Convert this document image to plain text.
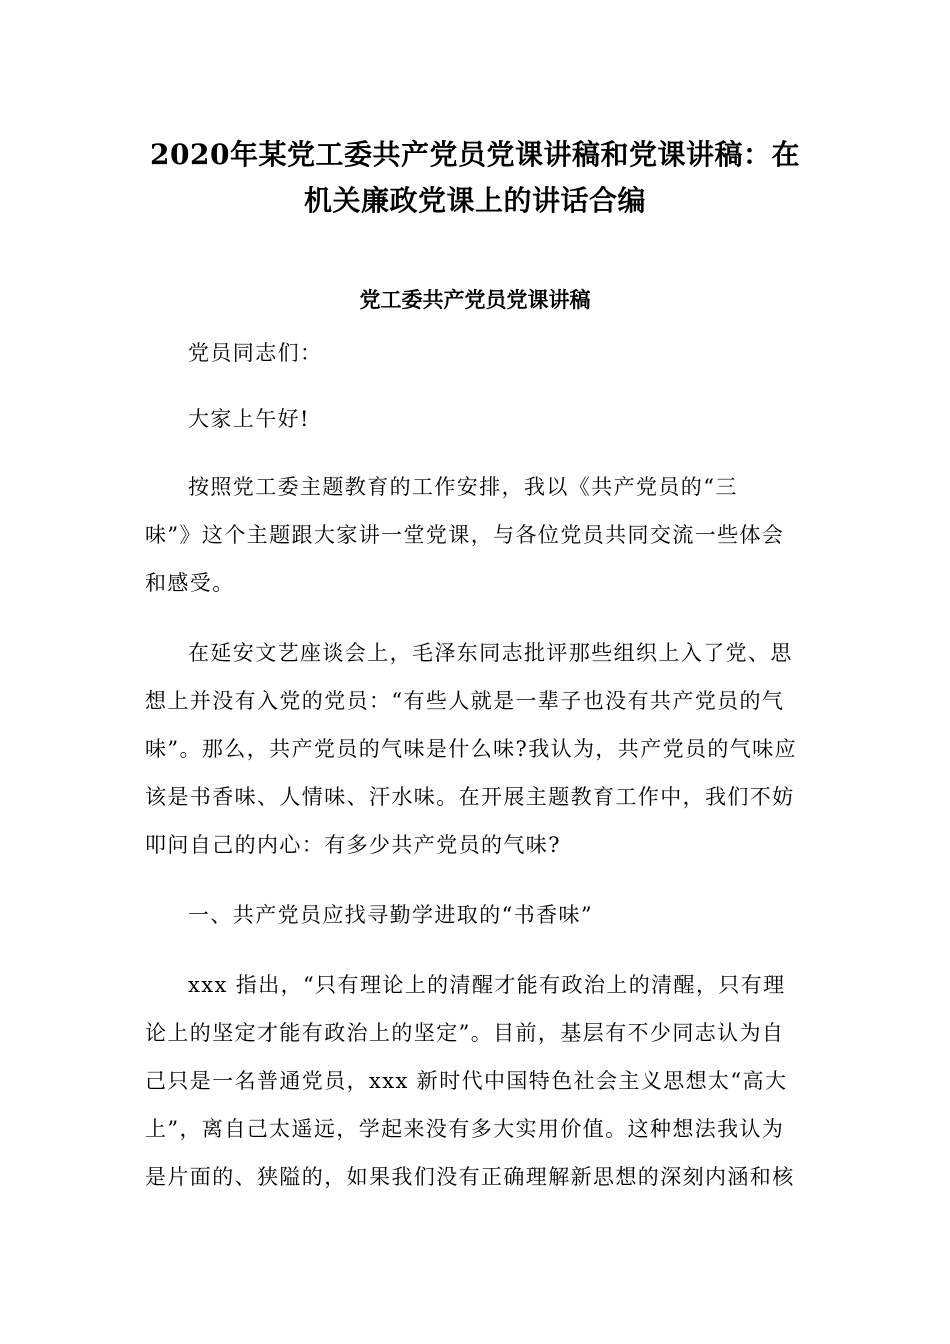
2020年某党工委共产党员党课讲稿和党课讲稿：在
机关廉政党课上的讲话合编
党工委共产党员党课讲稿
党员同志们：
大家上午好!
按照党工委主题教育的工作安排，我以《共产党员的“三
味”》这个主题跟大家讲一堂党课，与各位党员共同交流一些体会
和感受。
在延安文艺座谈会上，毛泽东同志批评那些组织上入了党、思
想上并没有入党的党员：“有些人就是一辈子也没有共产党员的气
味”。那么，共产党员的气味是什么味?我认为，共产党员的气味应
该是书香味、人情味、汗水味。在开展主题教育工作中，我们不妨
叩问自己的内心：有多少共产党员的气味?
一、共产党员应找寻勤学进取的“书香味”
xxx 指出，“只有理论上的清醒才能有政治上的清醒，只有理
论上的坚定才能有政治上的坚定”。目前，基层有不少同志认为自
己只是一名普通党员，xxx 新时代中国特色社会主义思想太“高大
上”，离自己太遥远，学起来没有多大实用价值。这种想法我认为
是片面的、狭隘的，如果我们没有正确理解新思想的深刻内涵和核
